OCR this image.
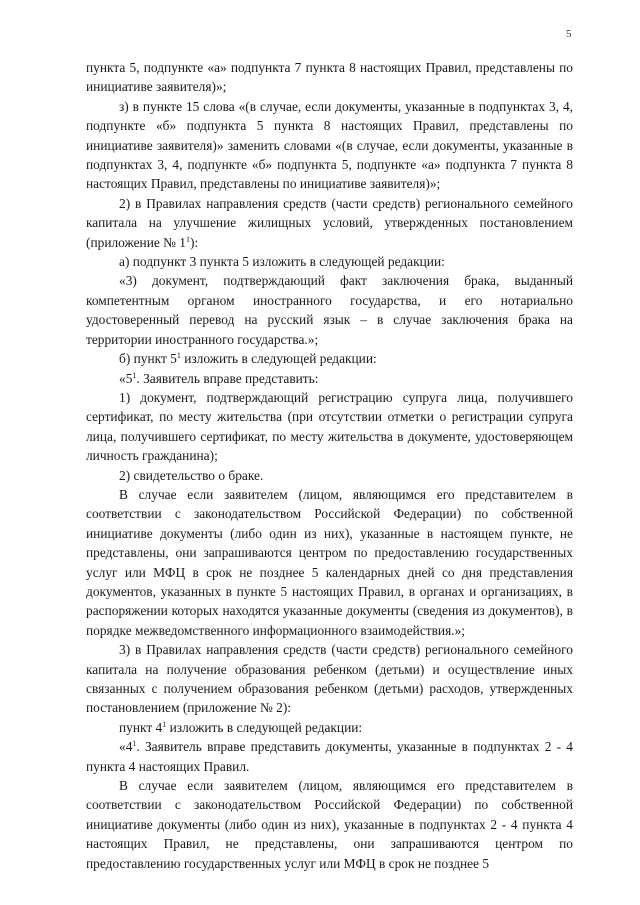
5

пункта 5, подпункте «а» подпункта 7 пункта 8 настоящих Правил, представлены по инициативе заявителя)»;

з) в пункте 15 слова «(в случае, если документы, указанные в подпунктах 3, 4, подпункте «б» подпункта 5 пункта 8 настоящих Правил, представлены по инициативе заявителя)» заменить словами «(в случае, если документы, указанные в подпунктах 3, 4, подпункте «б» подпункта 5, подпункте «а» подпункта 7 пункта 8 настоящих Правил, представлены по инициативе заявителя)»;

2) в Правилах направления средств (части средств) регионального семейного капитала на улучшение жилищных условий, утвержденных постановлением (приложение № $1^1$):

а) подпункт 3 пункта 5 изложить в следующей редакции:

«3) документ, подтверждающий факт заключения брака, выданный компетентным органом иностранного государства, и его нотариально удостоверенный перевод на русский язык – в случае заключения брака на территории иностранного государства.»;

б) пункт $5^1$ изложить в следующей редакции:

«$5^1$. Заявитель вправе представить:

1) документ, подтверждающий регистрацию супруга лица, получившего сертификат, по месту жительства (при отсутствии отметки о регистрации супруга лица, получившего сертификат, по месту жительства в документе, удостоверяющем личность гражданина);

2) свидетельство о браке.

В случае если заявителем (лицом, являющимся его представителем в соответствии с законодательством Российской Федерации) по собственной инициативе документы (либо один из них), указанные в настоящем пункте, не представлены, они запрашиваются центром по предоставлению государственных услуг или МФЦ в срок не позднее 5 календарных дней со дня представления документов, указанных в пункте 5 настоящих Правил, в органах и организациях, в распоряжении которых находятся указанные документы (сведения из документов), в порядке межведомственного информационного взаимодействия.»;

3) в Правилах направления средств (части средств) регионального семейного капитала на получение образования ребенком (детьми) и осуществление иных связанных с получением образования ребенком (детьми) расходов, утвержденных постановлением (приложение № 2):

пункт $4^1$ изложить в следующей редакции:

«$4^1$. Заявитель вправе представить документы, указанные в подпунктах 2 - 4 пункта 4 настоящих Правил.

В случае если заявителем (лицом, являющимся его представителем в соответствии с законодательством Российской Федерации) по собственной инициативе документы (либо один из них), указанные в подпунктах 2 - 4 пункта 4 настоящих Правил, не представлены, они запрашиваются центром по предоставлению государственных услуг или МФЦ в срок не позднее 5
